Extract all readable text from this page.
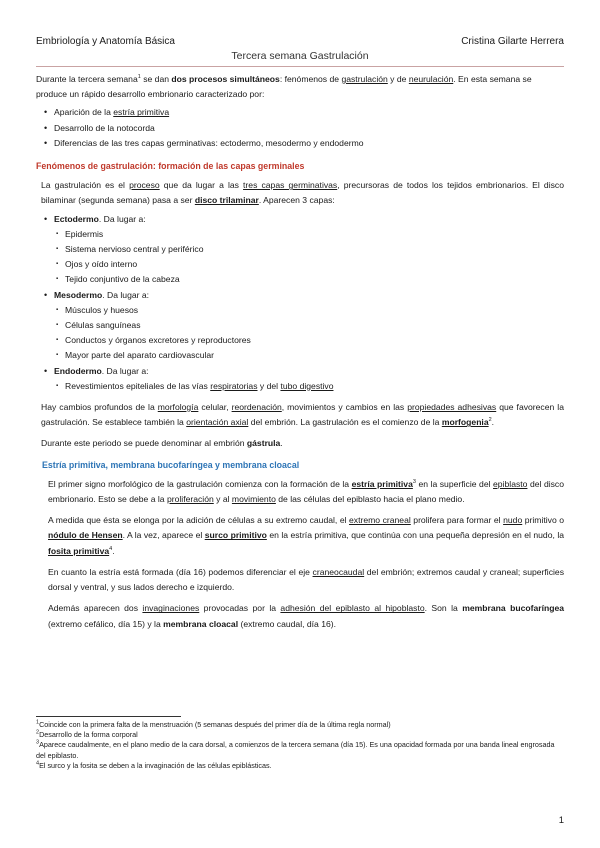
Embriología y Anatomía Básica	Cristina Gilarte Herrera
Tercera semana Gastrulación

Durante la tercera semana$^1$ se dan dos procesos simultáneos: fenómenos de gastrulación y de neurulación. En esta semana se produce un rápido desarrollo embrionario caracterizado por:

• Aparición de la estría primitiva
• Desarrollo de la notocorda
• Diferencias de las tres capas germinativas: ectodermo, mesodermo y endodermo
Fenómenos de gastrulación: formación de las capas germinales

La gastrulación es el proceso que da lugar a las tres capas germinativas, precursoras de todos los tejidos embrionarios. El disco bilaminar (segunda semana) pasa a ser disco trilaminar. Aparecen 3 capas:

• Ectodermo. Da lugar a:
▪ Epidermis
▪ Sistema nervioso central y periférico
▪ Ojos y oído interno
▪ Tejido conjuntivo de la cabeza
• Mesodermo. Da lugar a:
▪ Músculos y huesos
▪ Células sanguíneas
▪ Conductos y órganos excretores y reproductores
▪ Mayor parte del aparato cardiovascular
• Endodermo. Da lugar a:
▪ Revestimientos epiteliales de las vías respiratorias y del tubo digestivo

Hay cambios profundos de la morfología celular, reordenación, movimientos y cambios en las propiedades adhesivas que favorecen la gastrulación. Se establece también la orientación axial del embrión. La gastrulación es el comienzo de la morfogenia$^2$.

Durante este periodo se puede denominar al embrión gástrula.

Estría primitiva, membrana bucofaríngea y membrana cloacal

El primer signo morfológico de la gastrulación comienza con la formación de la estría primitiva$^3$ en la superficie del epiblasto del disco embrionario. Esto se debe a la proliferación y al movimiento de las células del epiblasto hacia el plano medio.

A medida que ésta se elonga por la adición de células a su extremo caudal, el extremo craneal prolifera para formar el nudo primitivo o nódulo de Hensen. A la vez, aparece el surco primitivo en la estría primitiva, que continúa con una pequeña depresión en el nudo, la fosita primitiva$^4$.

En cuanto la estría está formada (día 16) podemos diferenciar el eje craneocaudal del embrión; extremos caudal y craneal; superficies dorsal y ventral, y sus lados derecho e izquierdo.

Además aparecen dos invaginaciones provocadas por la adhesión del epiblasto al hipoblasto. Son la membrana bucofaríngea (extremo cefálico, día 15) y la membrana cloacal (extremo caudal, día 16).

$^1$Coincide con la primera falta de la menstruación (5 semanas después del primer día de la última regla normal)
$^2$Desarrollo de la forma corporal
$^3$Aparece caudalmente, en el plano medio de la cara dorsal, a comienzos de la tercera semana (día 15). Es una opacidad formada por una banda lineal engrosada del epiblasto.
$^4$El surco y la fosita se deben a la invaginación de las células epiblásticas.
1
